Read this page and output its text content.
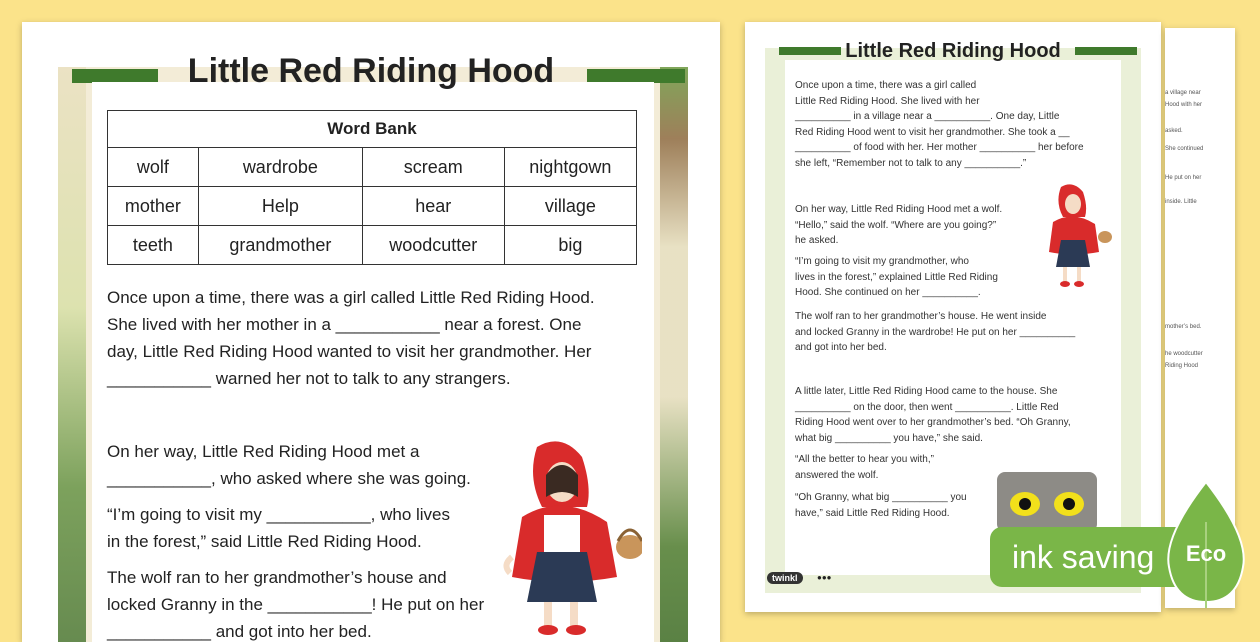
Little Red Riding Hood
Word Bank			
wolf	wardrobe	scream	nightgown
mother	Help	hear	village
teeth	grandmother	woodcutter	big
Once upon a time, there was a girl called Little Red Riding Hood.
She lived with her mother in a ___________ near a forest. One
day, Little Red Riding Hood wanted to visit her grandmother. Her
___________ warned her not to talk to any strangers.
On her way, Little Red Riding Hood met a
___________, who asked where she was going.
“I’m going to visit my ___________, who lives
in the forest,” said Little Red Riding Hood.
The wolf ran to her grandmother’s house and
locked Granny in the ___________! He put on her
___________ and got into her bed.
Little Red Riding Hood
Once upon a time, there was a girl called
Little Red Riding Hood. She lived with her
__________ in a village near a __________. One day, Little
Red Riding Hood went to visit her grandmother. She took a __
__________ of food with her. Her mother __________ her before
she left, “Remember not to talk to any __________.”
On her way, Little Red Riding Hood met a wolf.
“Hello,” said the wolf. “Where are you going?”
he asked.
“I’m going to visit my grandmother, who
lives in the forest,” explained Little Red Riding
Hood. She continued on her __________.
The wolf ran to her grandmother’s house. He went inside
and locked Granny in the wardrobe! He put on her __________
and got into her bed.
A little later, Little Red Riding Hood came to the house. She
__________ on the door, then went __________. Little Red
Riding Hood went over to her grandmother’s bed. “Oh Granny,
what big __________ you have,” she said.
“All the better to hear you with,”
answered the wolf.
“Oh Granny, what big __________ you
have,” said Little Red Riding Hood.
twinkl	●●●
a village near
Hood with her
asked.
She continued
He put on her
inside. Little
mother’s bed.
he woodcutter
Riding Hood
ink saving	Eco
